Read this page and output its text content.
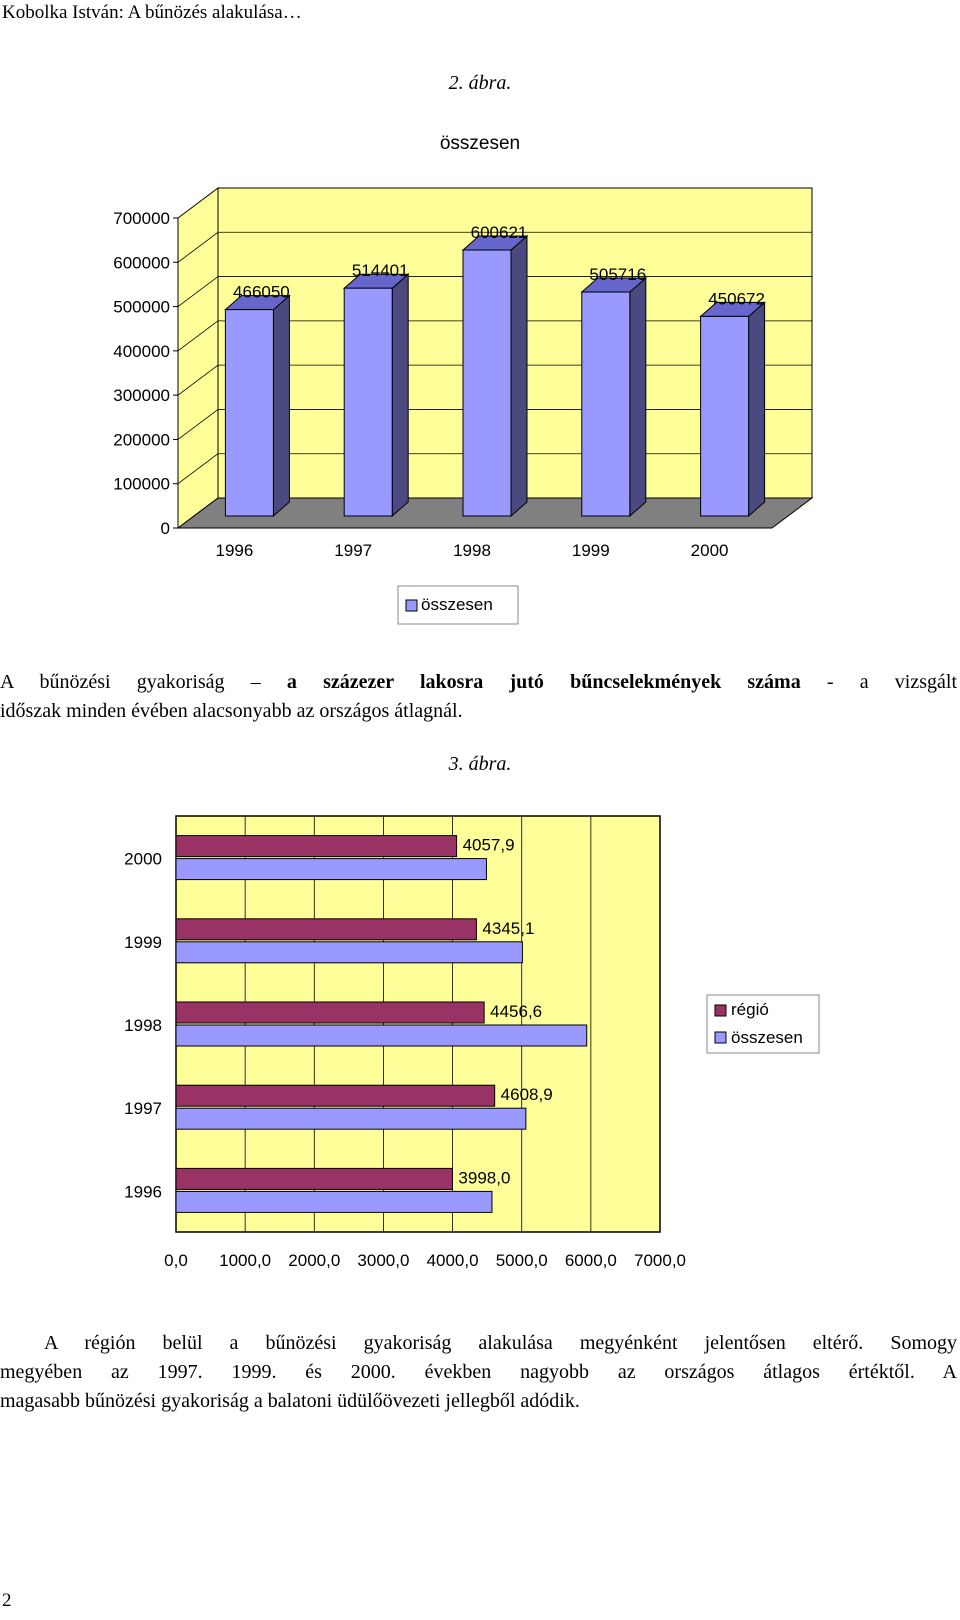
Kobolka István: A bűnözés alakulása…
2. ábra.
összesen
0
100000
200000
300000
400000
500000
600000
700000
466050
1996
514401
1997
600621
1998
505716
1999
450672
2000
összesen
A bűnözési gyakoriság – a százezer lakosra jutó bűncselekmények száma - a vizsgált
időszak minden évében alacsonyabb az országos átlagnál.
3. ábra.
0,0 1000,0 2000,0 3000,0 4000,0 5000,0 6000,0 7000,0
2000
4057,9
1999
4345,1
1998
4456,6
1997
4608,9
1996
3998,0
régió
összesen
A régión belül a bűnözési gyakoriság alakulása megyénként jelentősen eltérő. Somogy
megyében az 1997. 1999. és 2000. években nagyobb az országos átlagos értéktől. A
magasabb bűnözési gyakoriság a balatoni üdülőövezeti jellegből adódik.
2
